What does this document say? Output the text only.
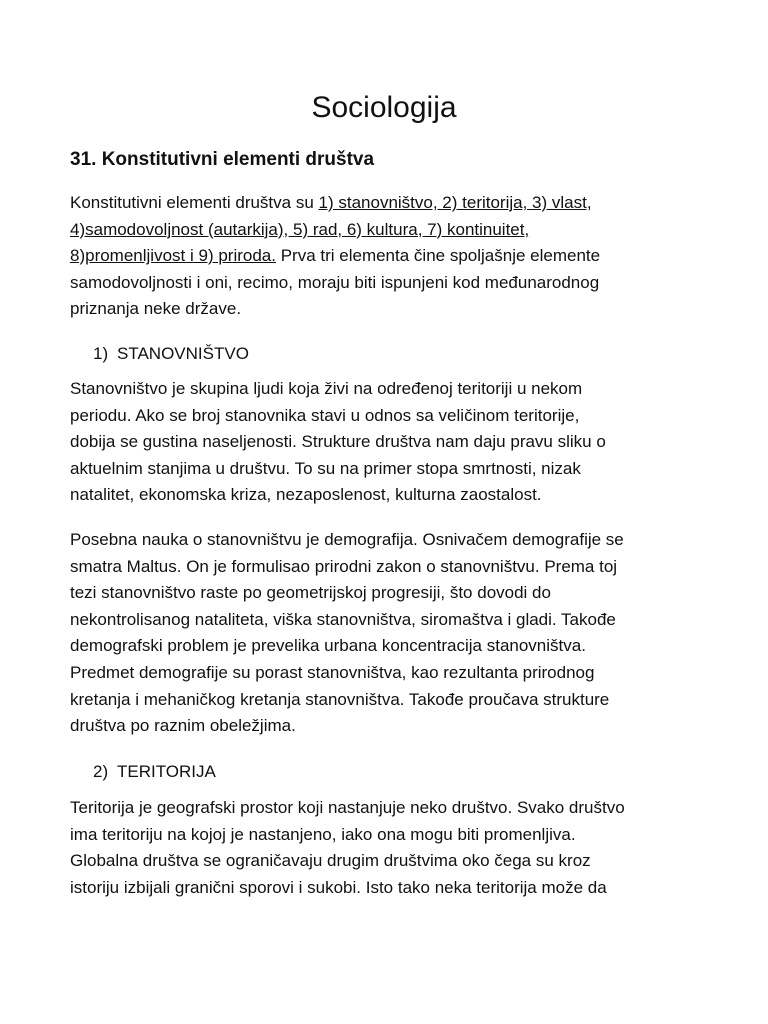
Sociologija
31. Konstitutivni elementi društva

Konstitutivni elementi društva su 1) stanovništvo, 2) teritorija, 3) vlast,
4)samodovoljnost (autarkija), 5) rad, 6) kultura, 7) kontinuitet,
8)promenljivost i 9) priroda. Prva tri elementa čine spoljašnje elemente
samodovoljnosti i oni, recimo, moraju biti ispunjeni kod međunarodnog
priznanja neke države.

1) STANOVNIŠTVO

Stanovništvo je skupina ljudi koja živi na određenoj teritoriji u nekom
periodu. Ako se broj stanovnika stavi u odnos sa veličinom teritorije,
dobija se gustina naseljenosti. Strukture društva nam daju pravu sliku o
aktuelnim stanjima u društvu. To su na primer stopa smrtnosti, nizak
natalitet, ekonomska kriza, nezaposlenost, kulturna zaostalost.

Posebna nauka o stanovništvu je demografija. Osnivačem demografije se
smatra Maltus. On je formulisao prirodni zakon o stanovništvu. Prema toj
tezi stanovništvo raste po geometrijskoj progresiji, što dovodi do
nekontrolisanog nataliteta, viška stanovništva, siromaštva i gladi. Takođe
demografski problem je prevelika urbana koncentracija stanovništva.
Predmet demografije su porast stanovništva, kao rezultanta prirodnog
kretanja i mehaničkog kretanja stanovništva. Takođe proučava strukture
društva po raznim obeležjima.

2) TERITORIJA

Teritorija je geografski prostor koji nastanjuje neko društvo. Svako društvo
ima teritoriju na kojoj je nastanjeno, iako ona mogu biti promenljiva.
Globalna društva se ograničavaju drugim društvima oko čega su kroz
istoriju izbijali granični sporovi i sukobi. Isto tako neka teritorija može da
